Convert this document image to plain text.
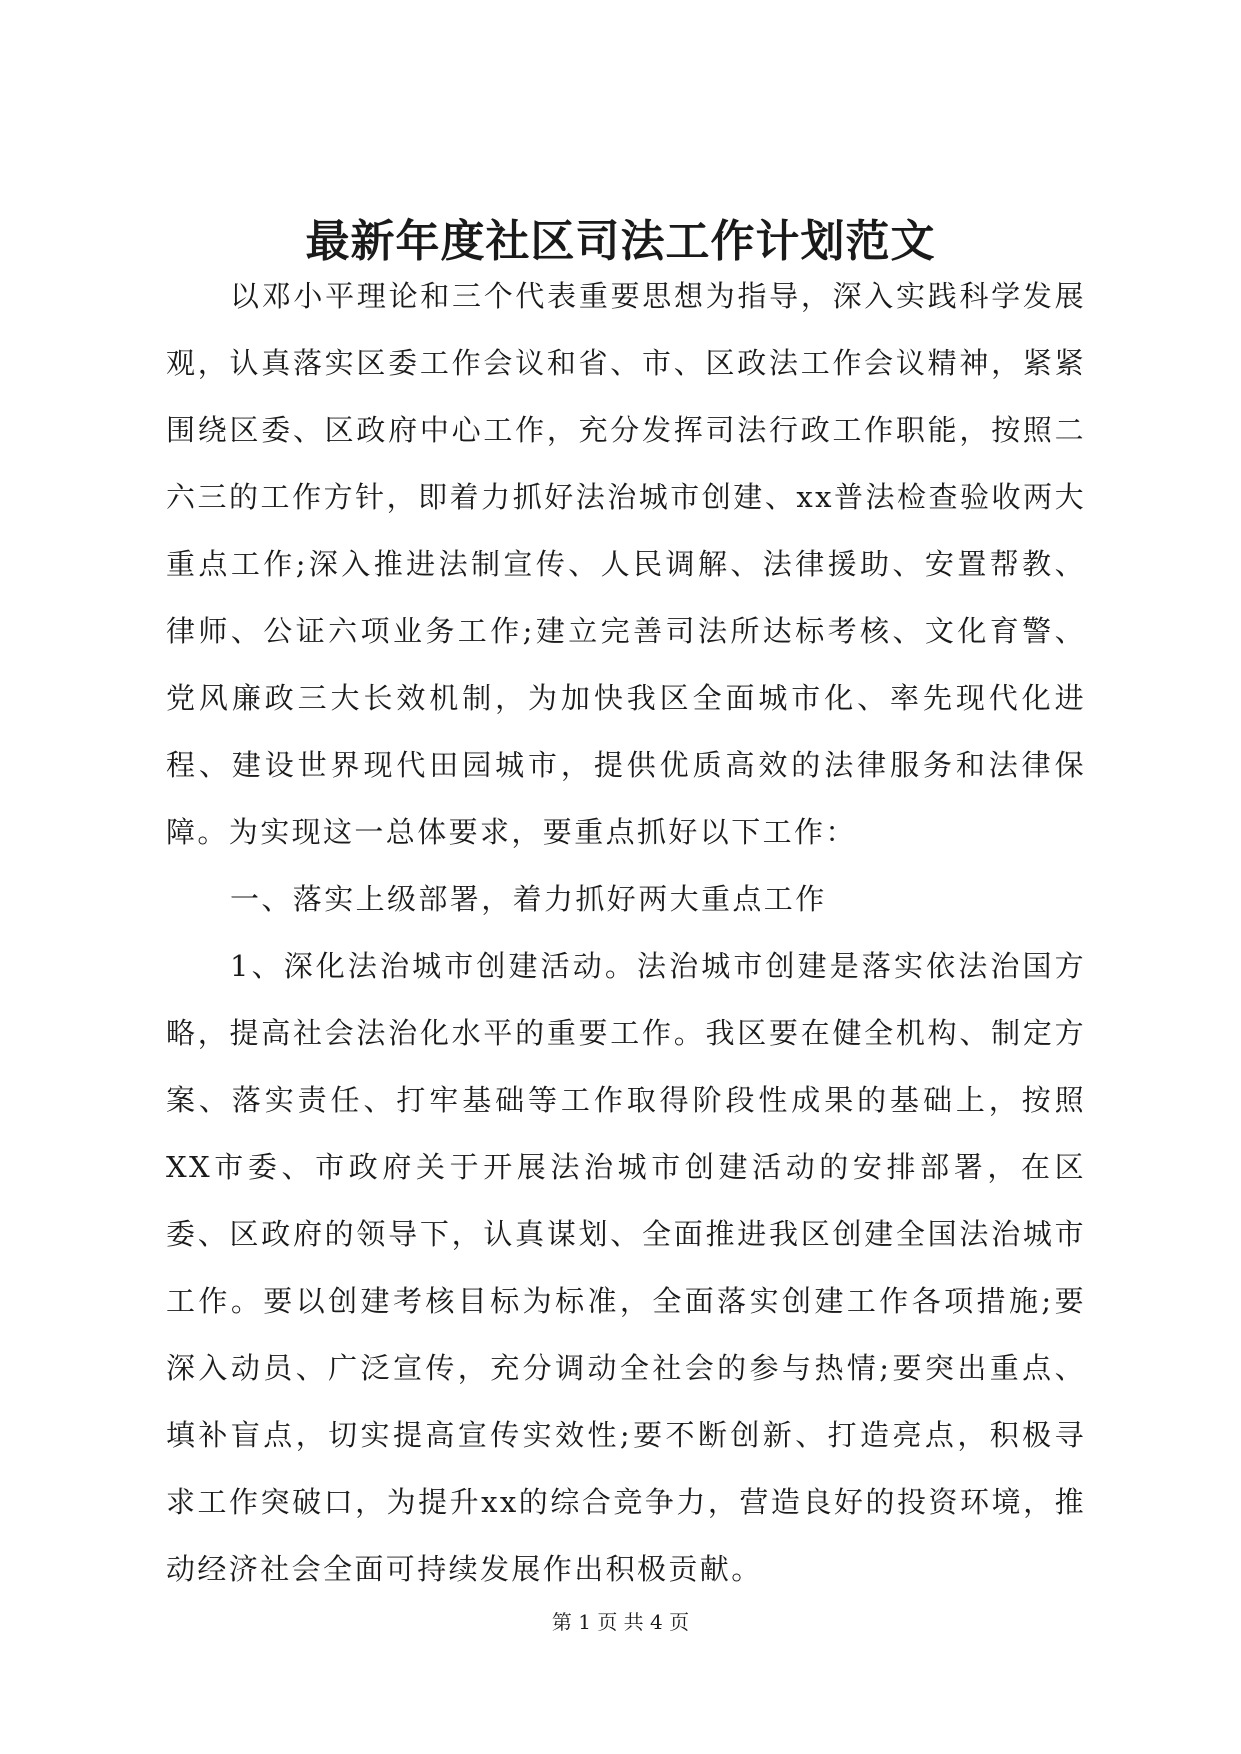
最新年度社区司法工作计划范文

以邓小平理论和三个代表重要思想为指导，深入实践科学发展观，认真落实区委工作会议和省、市、区政法工作会议精神，紧紧围绕区委、区政府中心工作，充分发挥司法行政工作职能，按照二六三的工作方针，即着力抓好法治城市创建、xx普法检查验收两大重点工作;深入推进法制宣传、人民调解、法律援助、安置帮教、律师、公证六项业务工作;建立完善司法所达标考核、文化育警、党风廉政三大长效机制，为加快我区全面城市化、率先现代化进程、建设世界现代田园城市，提供优质高效的法律服务和法律保障。为实现这一总体要求，要重点抓好以下工作：

一、落实上级部署，着力抓好两大重点工作

1、深化法治城市创建活动。法治城市创建是落实依法治国方略，提高社会法治化水平的重要工作。我区要在健全机构、制定方案、落实责任、打牢基础等工作取得阶段性成果的基础上，按照XX市委、市政府关于开展法治城市创建活动的安排部署，在区委、区政府的领导下，认真谋划、全面推进我区创建全国法治城市工作。要以创建考核目标为标准，全面落实创建工作各项措施;要深入动员、广泛宣传，充分调动全社会的参与热情;要突出重点、填补盲点，切实提高宣传实效性;要不断创新、打造亮点，积极寻求工作突破口，为提升xx的综合竞争力，营造良好的投资环境，推动经济社会全面可持续发展作出积极贡献。

第 1 页 共 4 页
